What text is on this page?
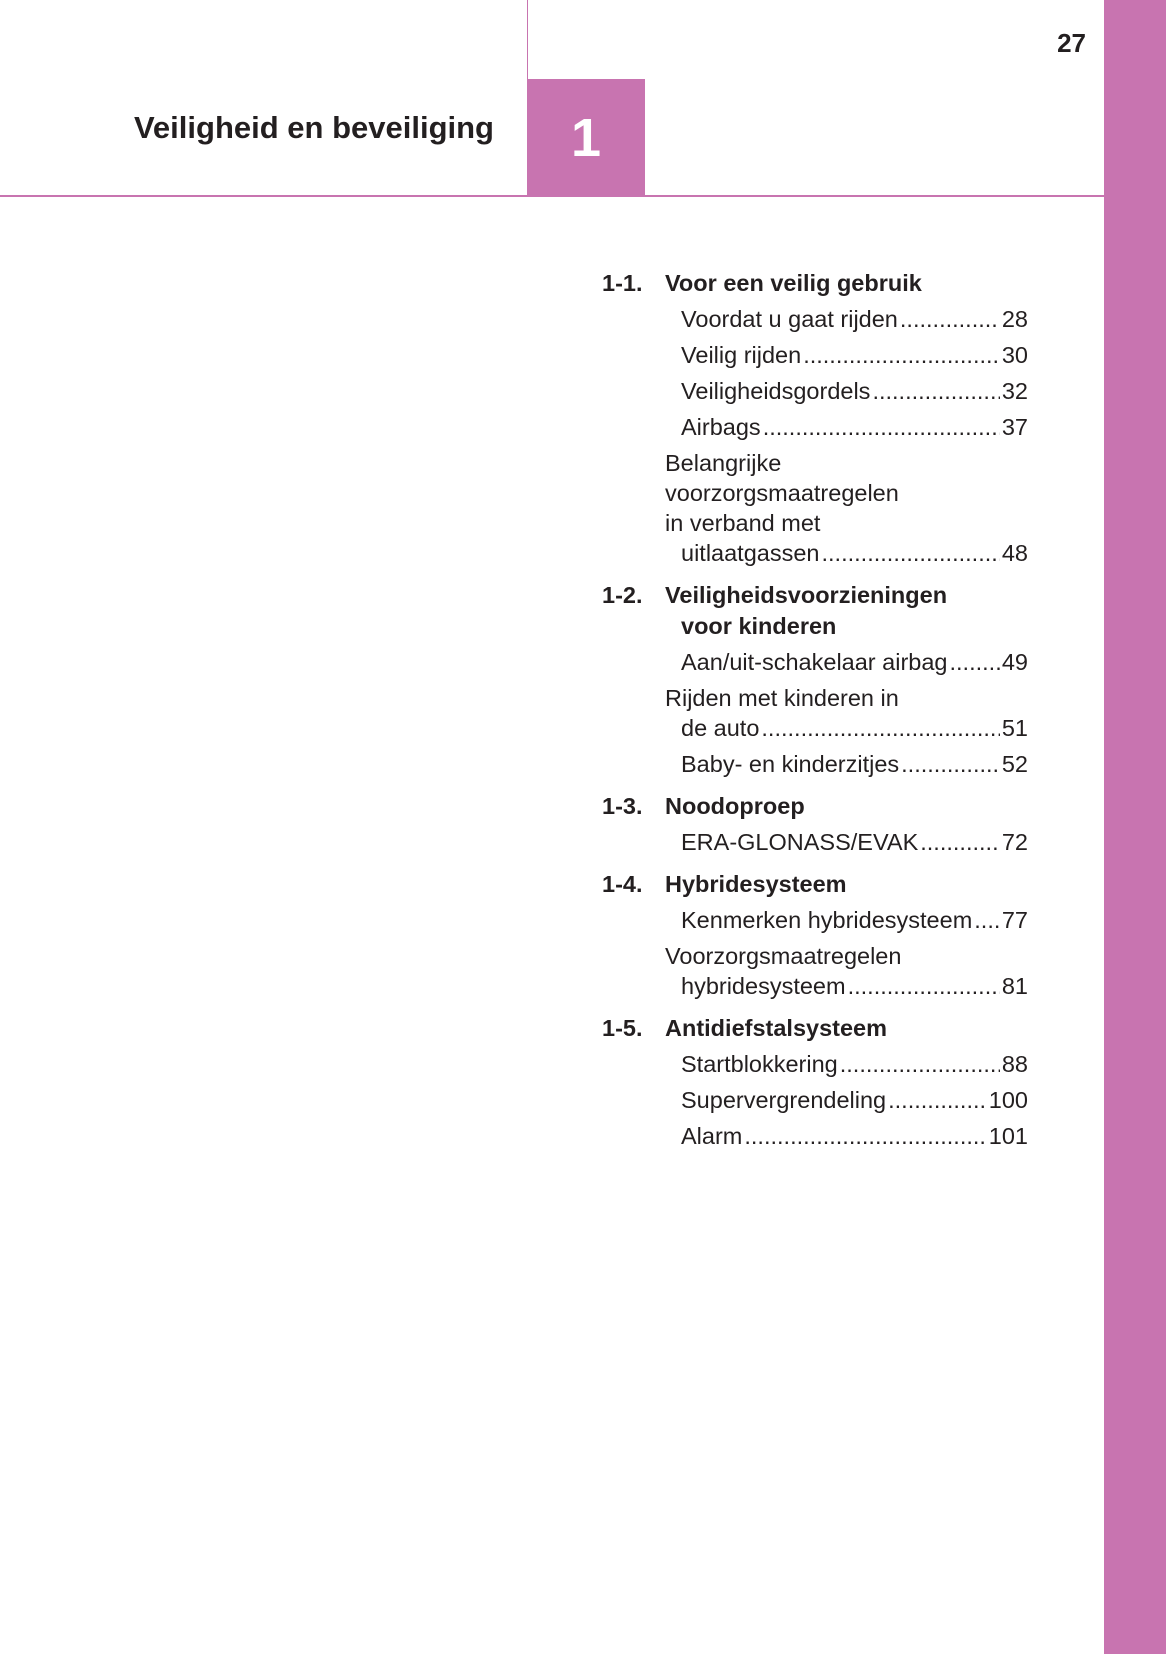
27
Veiligheid en beveiliging	1
1-1. Voor een veilig gebruik
Voordat u gaat rijden .....	28
Veilig rijden .....	30
Veiligheidsgordels .....	32
Airbags .....	37
Belangrijke
voorzorgsmaatregelen
in verband met
uitlaatgassen .....	48
1-2. Veiligheidsvoorzieningen
voor kinderen
Aan/uit-schakelaar airbag ..... 49
Rijden met kinderen in
de auto .....	51
Baby- en kinderzitjes .....	52
1-3. Noodoproep
ERA-GLONASS/EVAK .....	72
1-4. Hybridesysteem
Kenmerken hybridesysteem ..... 77
Voorzorgsmaatregelen
hybridesysteem .....	81
1-5. Antidiefstalsysteem
Startblokkering .....	88
Supervergrendeling .....	100
Alarm .....	101
